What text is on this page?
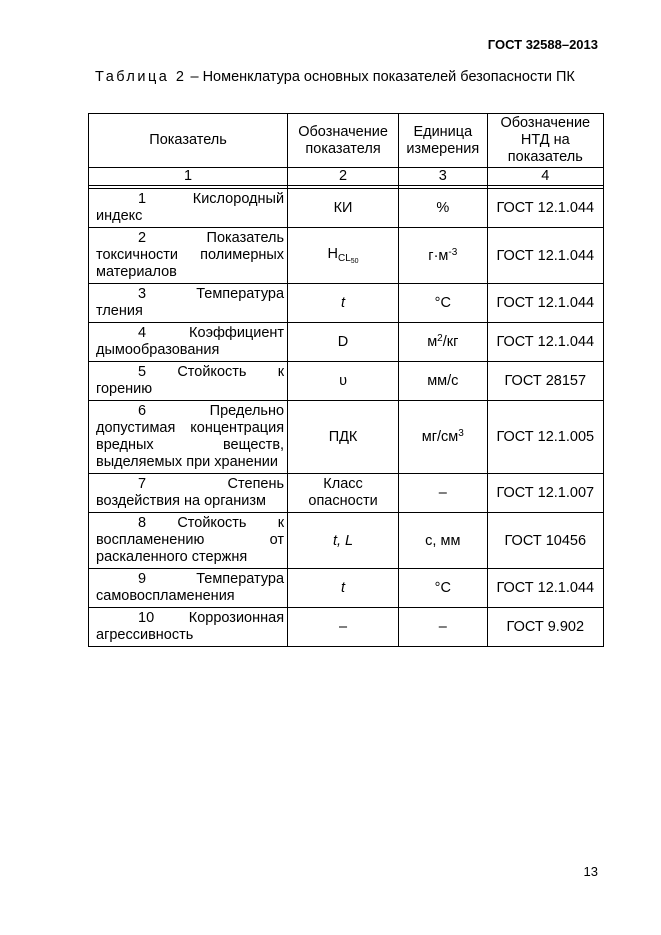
ГОСТ 32588–2013
Таблица 2 – Номенклатура основных показателей безопасности ПК
Показатель	Обозначение показателя	Единица измерения	Обозначение НТД на показатель
1	2	3	4

1 Кислородный индекс	КИ	%	ГОСТ 12.1.044

2 Показатель токсичности полимерных материалов	$H_{CL_{50}}$	$г\cdot м^{-3}$	ГОСТ 12.1.044

3 Температура тления	t	°C	ГОСТ 12.1.044

4 Коэффициент дымообразования	D	$м^2/кг$	ГОСТ 12.1.044

5 Стойкость к горению	υ	мм/с	ГОСТ 28157

6 Предельно допустимая концентрация вредных веществ, выделяемых при хранении	ПДК	$мг/см^3$	ГОСТ 12.1.005

7 Степень воздействия на организм	Класс опасности	–	ГОСТ 12.1.007

8 Стойкость к воспламенению от раскаленного стержня	t, L	с, мм	ГОСТ 10456

9 Температура самовоспламенения	t	°C	ГОСТ 12.1.044

10 Коррозионная агрессивность	–	–	ГОСТ 9.902
13
